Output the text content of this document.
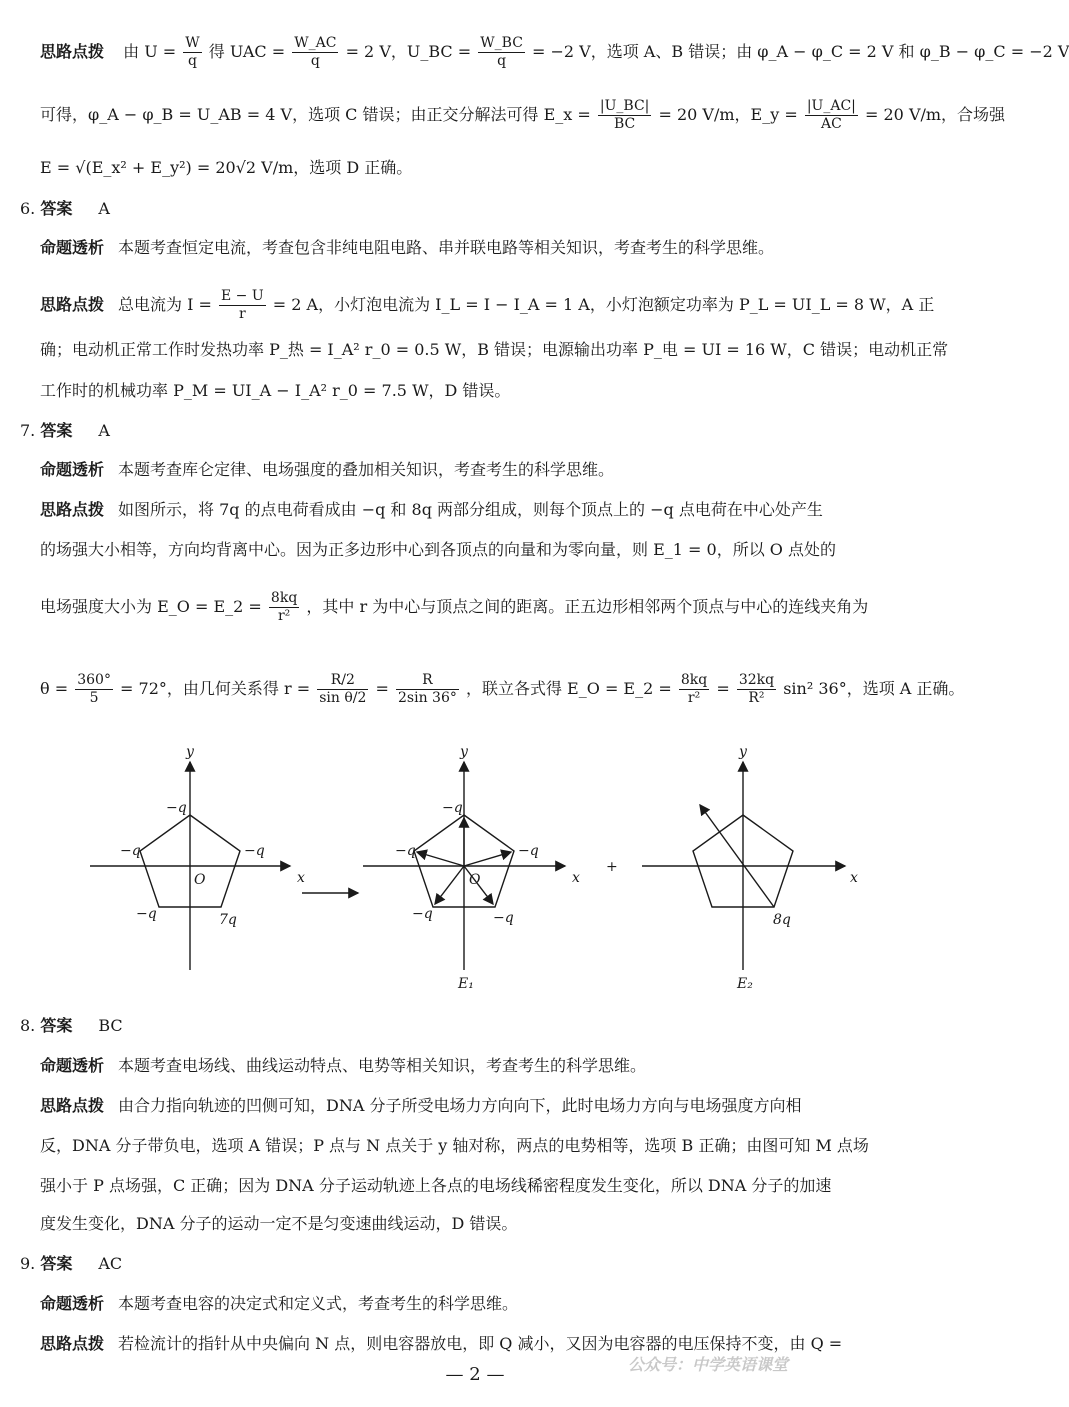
思路点拨 由 $U = \frac{W}{q}$ 得 UAC = $\frac{W\_AC}{q} = 2$ V，U_BC = $\frac{W\_BC}{q} = -2$ V，选项 A、B 错误；由 φ_A − φ_C = 2 V 和 φ_B − φ_C = −2 V
可得，φ_A − φ_B = U_AB = 4 V，选项 C 错误；由正交分解法可得 E_x = $\frac{|U\_BC|}{BC} = 20$ V/m，E_y = $\frac{|U\_AC|}{AC} = 20$ V/m，合场强
E = √(E_x² + E_y²) = 20√2 V/m，选项 D 正确。
6. 答案 A
命题透析 本题考查恒定电流，考查包含非纯电阻电路、串并联电路等相关知识，考查考生的科学思维。
思路点拨 总电流为 $I = \frac{E - U}{r} = 2$ A，小灯泡电流为 I_L = I − I_A = 1 A，小灯泡额定功率为 P_L = UI_L = 8 W，A 正
确；电动机正常工作时发热功率 P_热 = I_A² r_0 = 0.5 W，B 错误；电源输出功率 P_电 = UI = 16 W，C 错误；电动机正常
工作时的机械功率 P_M = UI_A − I_A² r_0 = 7.5 W，D 错误。
7. 答案 A
命题透析 本题考查库仑定律、电场强度的叠加相关知识，考查考生的科学思维。
思路点拨 如图所示，将 7q 的点电荷看成由 −q 和 8q 两部分组成，则每个顶点上的 −q 点电荷在中心处产生
的场强大小相等，方向均背离中心。因为正多边形中心到各顶点的向量和为零向量，则 E_1 = 0，所以 O 点处的
电场强度大小为 E_O = E_2 = $\frac{8kq}{\text{r²}}$ ，其中 r 为中心与顶点之间的距离。正五边形相邻两个顶点与中心的连线夹角为
$\theta = \frac{360^\circ}{5} = 72^\circ$，由几何关系得 $r = \frac{R/2}{\text{sin θ/2}} = \frac{R}{2\sin 36^\circ}$ ，联立各式得 E_O = E_2 = $\frac{8kq}{\text{r²}} = \frac{32kq}{\text{R²}} \sin^2$ 36°，选项 A 正确。
y
x
O
−q
−q	−q
−q	7q
y
x
O
−q
−q	−q
−q	−q
E₁
+
y
x
8q
E₂
8. 答案 BC
命题透析 本题考查电场线、曲线运动特点、电势等相关知识，考查考生的科学思维。
思路点拨 由合力指向轨迹的凹侧可知，DNA 分子所受电场力方向向下，此时电场力方向与电场强度方向相
反，DNA 分子带负电，选项 A 错误；P 点与 N 点关于 y 轴对称，两点的电势相等，选项 B 正确；由图可知 M 点场
强小于 P 点场强，C 正确；因为 DNA 分子运动轨迹上各点的电场线稀密程度发生变化，所以 DNA 分子的加速
度发生变化，DNA 分子的运动一定不是匀变速曲线运动，D 错误。
9. 答案 AC
命题透析 本题考查电容的决定式和定义式，考查考生的科学思维。
思路点拨 若检流计的指针从中央偏向 N 点，则电容器放电，即 Q 减小，又因为电容器的电压保持不变，由 Q =
公众号：中学英语课堂
— 2 —
